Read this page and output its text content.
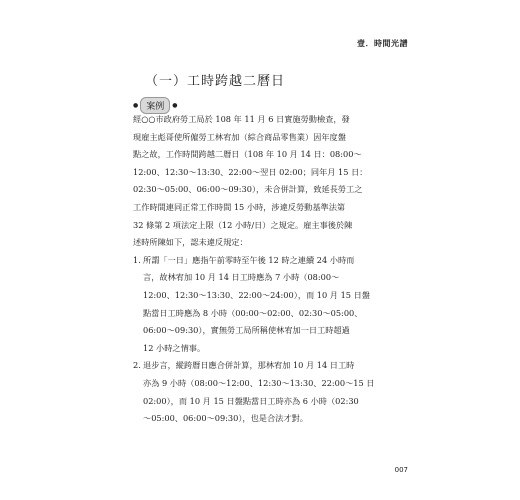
壹．時間光譜
（一）工時跨越二曆日
● 案例	●
經○○市政府勞工局於 108 年 11 月 6 日實施勞動檢查，發
現雇主彪哥使所僱勞工林宥加（綜合商品零售業）因年度盤
點之故，工作時間跨越二曆日（108 年 10 月 14 日：08:00～
12:00、12:30～13:30、22:00～翌日 02:00；同年月 15 日：
02:30～05:00、06:00～09:30），未合併計算，致延長勞工之
工作時間連同正常工作時間 15 小時，涉違反勞動基準法第
32 條第 2 項法定上限（12 小時/日）之規定。雇主事後於陳
述時所陳如下，認未違反規定：
1. 所謂「一日」應指午前零時至午後 12 時之連續 24 小時而
言，故林宥加 10 月 14 日工時應為 7 小時（08:00～
12:00、12:30～13:30、22:00～24:00），而 10 月 15 日盤
點當日工時應為 8 小時（00:00～02:00、02:30～05:00、
06:00～09:30），實無勞工局所稱使林宥加一日工時超過
12 小時之情事。
2. 退步言，縱跨曆日應合併計算，那林宥加 10 月 14 日工時
亦為 9 小時（08:00～12:00、12:30～13:30、22:00～15 日
02:00），而 10 月 15 日盤點當日工時亦為 6 小時（02:30
～05:00、06:00～09:30），也是合法才對。
007
